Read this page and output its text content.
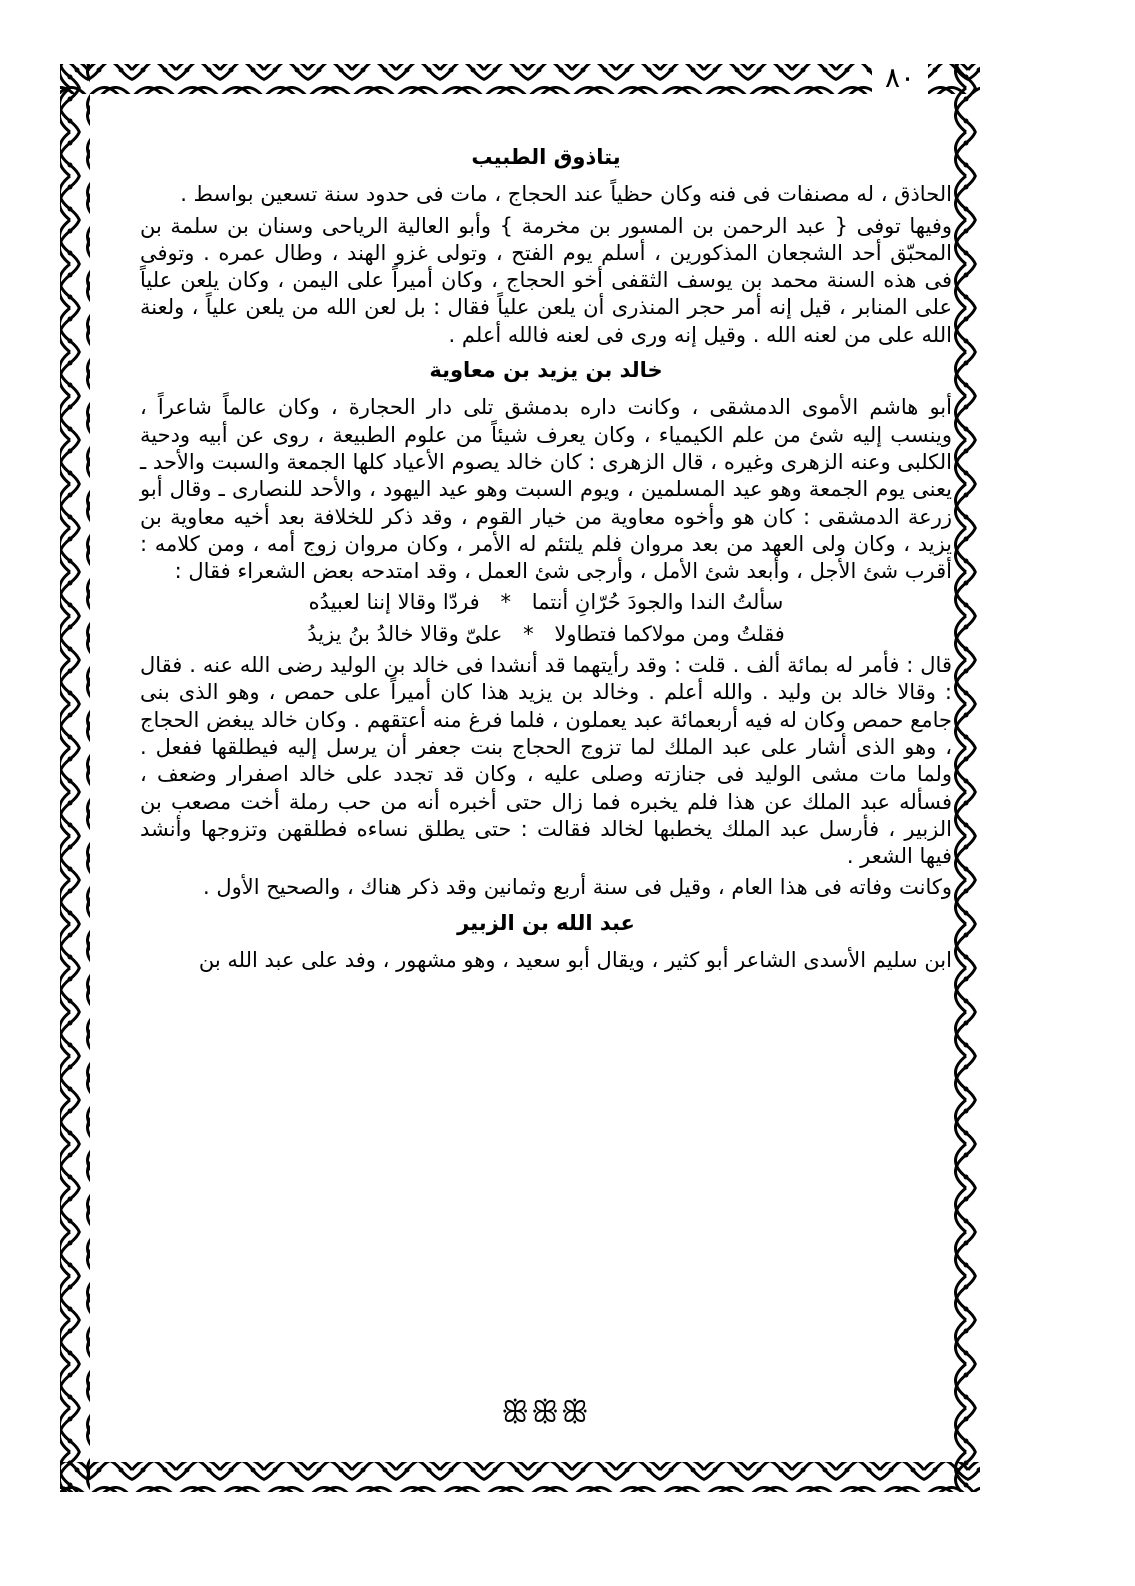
٨٠
يتاذوق الطبيب

الحاذق ، له مصنفات فى فنه وكان حظياً عند الحجاج ، مات فى حدود سنة تسعين بواسط .

وفيها توفى { عبد الرحمن بن المسور بن مخرمة } وأبو العالية الرياحى وسنان بن سلمة بن المحبّق أحد الشجعان المذكورين ، أسلم يوم الفتح ، وتولى غزو الهند ، وطال عمره . وتوفى فى هذه السنة محمد بن يوسف الثقفى أخو الحجاج ، وكان أميراً على اليمن ، وكان يلعن علياً على المنابر ، قيل إنه أمر حجر المنذرى أن يلعن علياً فقال : بل لعن الله من يلعن علياً ، ولعنة الله على من لعنه الله . وقيل إنه ورى فى لعنه فالله أعلم .

خالد بن يزيد بن معاوية

أبو هاشم الأموى الدمشقى ، وكانت داره بدمشق تلى دار الحجارة ، وكان عالماً شاعراً ، وينسب إليه شئ من علم الكيمياء ، وكان يعرف شيئاً من علوم الطبيعة ، روى عن أبيه ودحية الكلبى وعنه الزهرى وغيره ، قال الزهرى : كان خالد يصوم الأعياد كلها الجمعة والسبت والأحد ـ يعنى يوم الجمعة وهو عيد المسلمين ، ويوم السبت وهو عيد اليهود ، والأحد للنصارى ـ وقال أبو زرعة الدمشقى : كان هو وأخوه معاوية من خيار القوم ، وقد ذكر للخلافة بعد أخيه معاوية بن يزيد ، وكان ولى العهد من بعد مروان فلم يلتئم له الأمر ، وكان مروان زوج أمه ، ومن كلامه : أقرب شئ الأجل ، وأبعد شئ الأمل ، وأرجى شئ العمل ، وقد امتدحه بعض الشعراء فقال :

سألتُ الندا والجودَ حُرّانِ أنتما
*
فردّا وقالا إننا لعبيدُه
فقلتُ ومن مولاكما فتطاولا
*
علىّ وقالا خالدُ بنُ يزيدُ

قال : فأمر له بمائة ألف . قلت : وقد رأيتهما قد أنشدا فى خالد بن الوليد رضى الله عنه . فقال : وقالا خالد بن وليد . والله أعلم . وخالد بن يزيد هذا كان أميراً على حمص ، وهو الذى بنى جامع حمص وكان له فيه أربعمائة عبد يعملون ، فلما فرغ منه أعتقهم . وكان خالد يبغض الحجاج ، وهو الذى أشار على عبد الملك لما تزوج الحجاج بنت جعفر أن يرسل إليه فيطلقها ففعل . ولما مات مشى الوليد فى جنازته وصلى عليه ، وكان قد تجدد على خالد اصفرار وضعف ، فسأله عبد الملك عن هذا فلم يخبره فما زال حتى أخبره أنه من حب رملة أخت مصعب بن الزبير ، فأرسل عبد الملك يخطبها لخالد فقالت : حتى يطلق نساءه فطلقهن وتزوجها وأنشد فيها الشعر .

وكانت وفاته فى هذا العام ، وقيل فى سنة أربع وثمانين وقد ذكر هناك ، والصحيح الأول .

عبد الله بن الزبير

ابن سليم الأسدى الشاعر أبو كثير ، ويقال أبو سعيد ، وهو مشهور ، وفد على عبد الله بن

ꕥꕥꕥ
